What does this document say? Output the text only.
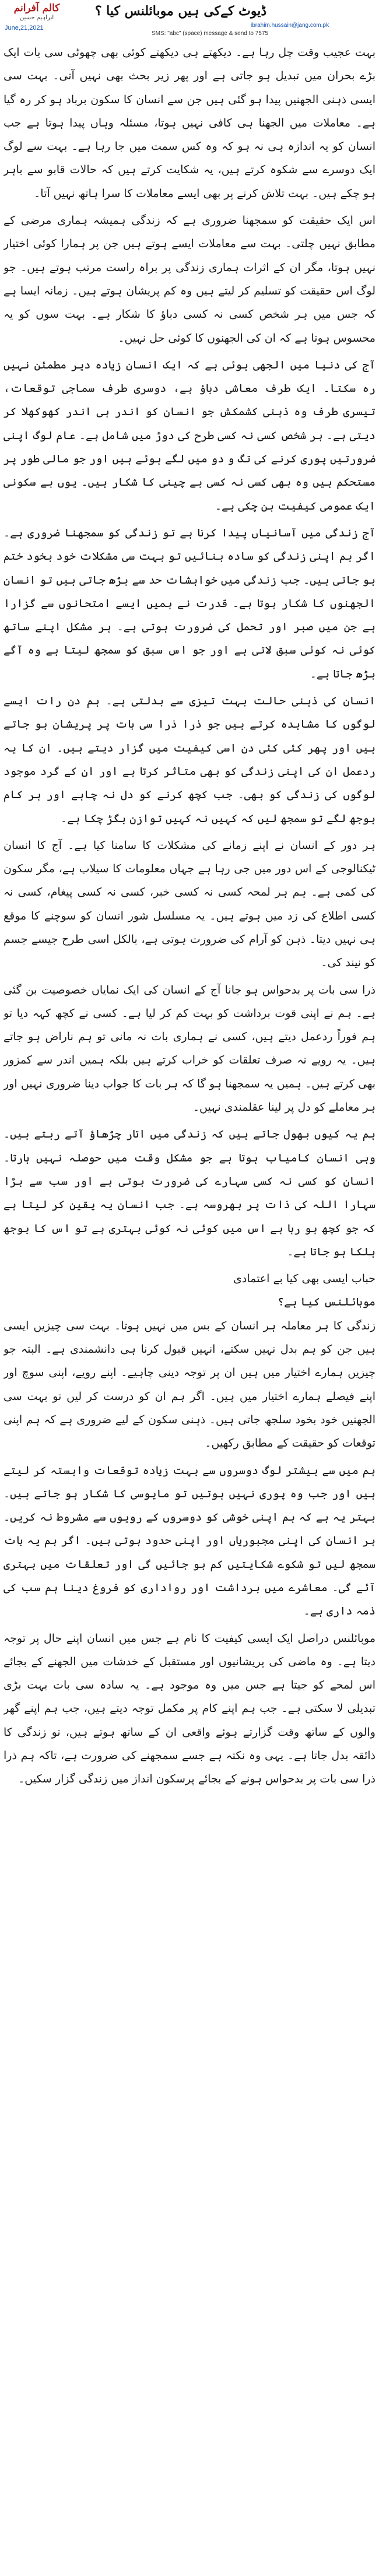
کالم آفرانم
ابراہیم حسین	ڈیوٹ کےکی ہیں موبائلنس کیا ؟
June,21,2021	ibrahim.hussain@jang.com.pk
SMS: "abc" (space) message & send to 7575

بہت عجیب وقت چل رہا ہے۔ دیکھتے ہی دیکھتے کوئی بھی چھوٹی سی بات ایک بڑے بحران میں تبدیل ہو جاتی ہے اور پھر زیر بحث بھی نہیں آتی۔ بہت سی ایسی ذہنی الجھنیں پیدا ہو گئی ہیں جن سے انسان کا سکون برباد ہو کر رہ گیا ہے۔ معاملات میں الجھنا ہی کافی نہیں ہوتا، مسئلہ وہاں پیدا ہوتا ہے جب انسان کو یہ اندازہ ہی نہ ہو کہ وہ کس سمت میں جا رہا ہے۔ بہت سے لوگ ایک دوسرے سے شکوہ کرتے ہیں، یہ شکایت کرتے ہیں کہ حالات قابو سے باہر ہو چکے ہیں۔ بہت تلاش کرنے پر بھی ایسے معاملات کا سرا ہاتھ نہیں آتا۔

اس ایک حقیقت کو سمجھنا ضروری ہے کہ زندگی ہمیشہ ہماری مرضی کے مطابق نہیں چلتی۔ بہت سے معاملات ایسے ہوتے ہیں جن پر ہمارا کوئی اختیار نہیں ہوتا، مگر ان کے اثرات ہماری زندگی پر براہ راست مرتب ہوتے ہیں۔ جو لوگ اس حقیقت کو تسلیم کر لیتے ہیں وہ کم پریشان ہوتے ہیں۔ زمانہ ایسا ہے کہ جس میں ہر شخص کسی نہ کسی دباؤ کا شکار ہے۔ بہت سوں کو یہ محسوس ہوتا ہے کہ ان کی الجھنوں کا کوئی حل نہیں۔

آج کی دنیا میں الجھی ہوئی ہے کہ ایک انسان زیادہ دیر مطمئن نہیں رہ سکتا۔ ایک طرف معاشی دباؤ ہے، دوسری طرف سماجی توقعات، تیسری طرف وہ ذہنی کشمکش جو انسان کو اندر ہی اندر کھوکھلا کر دیتی ہے۔ ہر شخص کسی نہ کسی طرح کی دوڑ میں شامل ہے۔ عام لوگ اپنی ضرورتیں پوری کرنے کی تگ و دو میں لگے ہوئے ہیں اور جو مالی طور پر مستحکم ہیں وہ بھی کسی نہ کسی بے چینی کا شکار ہیں۔ یوں بے سکونی ایک عمومی کیفیت بن چکی ہے۔

آج زندگی میں آسانیاں پیدا کرنا ہے تو زندگی کو سمجھنا ضروری ہے۔ اگر ہم اپنی زندگی کو سادہ بنائیں تو بہت سی مشکلات خود بخود ختم ہو جاتی ہیں۔ جب زندگی میں خواہشات حد سے بڑھ جاتی ہیں تو انسان الجھنوں کا شکار ہوتا ہے۔ قدرت نے ہمیں ایسے امتحانوں سے گزارا ہے جن میں صبر اور تحمل کی ضرورت ہوتی ہے۔ ہر مشکل اپنے ساتھ کوئی نہ کوئی سبق لاتی ہے اور جو اس سبق کو سمجھ لیتا ہے وہ آگے بڑھ جاتا ہے۔

انسان کی ذہنی حالت بہت تیزی سے بدلتی ہے۔ ہم دن رات ایسے لوگوں کا مشاہدہ کرتے ہیں جو ذرا ذرا سی بات پر پریشان ہو جاتے ہیں اور پھر کئی کئی دن اسی کیفیت میں گزار دیتے ہیں۔ ان کا یہ ردعمل ان کی اپنی زندگی کو بھی متاثر کرتا ہے اور ان کے گرد موجود لوگوں کی زندگی کو بھی۔ جب کچھ کرنے کو دل نہ چاہے اور ہر کام بوجھ لگے تو سمجھ لیں کہ کہیں نہ کہیں توازن بگڑ چکا ہے۔

ہر دور کے انسان نے اپنے زمانے کی مشکلات کا سامنا کیا ہے۔ آج کا انسان ٹیکنالوجی کے اس دور میں جی رہا ہے جہاں معلومات کا سیلاب ہے، مگر سکون کی کمی ہے۔ ہم ہر لمحہ کسی نہ کسی خبر، کسی نہ کسی پیغام، کسی نہ کسی اطلاع کی زد میں ہوتے ہیں۔ یہ مسلسل شور انسان کو سوچنے کا موقع ہی نہیں دیتا۔ ذہن کو آرام کی ضرورت ہوتی ہے، بالکل اسی طرح جیسے جسم کو نیند کی۔

ذرا سی بات پر بدحواس ہو جانا آج کے انسان کی ایک نمایاں خصوصیت بن گئی ہے۔ ہم نے اپنی قوت برداشت کو بہت کم کر لیا ہے۔ کسی نے کچھ کہہ دیا تو ہم فوراً ردعمل دیتے ہیں، کسی نے ہماری بات نہ مانی تو ہم ناراض ہو جاتے ہیں۔ یہ رویے نہ صرف تعلقات کو خراب کرتے ہیں بلکہ ہمیں اندر سے کمزور بھی کرتے ہیں۔ ہمیں یہ سمجھنا ہو گا کہ ہر بات کا جواب دینا ضروری نہیں اور ہر معاملے کو دل پر لینا عقلمندی نہیں۔

ہم یہ کیوں بھول جاتے ہیں کہ زندگی میں اتار چڑھاؤ آتے رہتے ہیں۔ وہی انسان کامیاب ہوتا ہے جو مشکل وقت میں حوصلہ نہیں ہارتا۔ انسان کو کسی نہ کسی سہارے کی ضرورت ہوتی ہے اور سب سے بڑا سہارا اللہ کی ذات پر بھروسہ ہے۔ جب انسان یہ یقین کر لیتا ہے کہ جو کچھ ہو رہا ہے اس میں کوئی نہ کوئی بہتری ہے تو اس کا بوجھ ہلکا ہو جاتا ہے۔

حباب ایسی بھی کیا بے اعتمادی

موبائلنس کیا ہے؟

زندگی کا ہر معاملہ ہر انسان کے بس میں نہیں ہوتا۔ بہت سی چیزیں ایسی ہیں جن کو ہم بدل نہیں سکتے، انہیں قبول کرنا ہی دانشمندی ہے۔ البتہ جو چیزیں ہمارے اختیار میں ہیں ان پر توجہ دینی چاہیے۔ اپنے رویے، اپنی سوچ اور اپنے فیصلے ہمارے اختیار میں ہیں۔ اگر ہم ان کو درست کر لیں تو بہت سی الجھنیں خود بخود سلجھ جاتی ہیں۔ ذہنی سکون کے لیے ضروری ہے کہ ہم اپنی توقعات کو حقیقت کے مطابق رکھیں۔

ہم میں سے بیشتر لوگ دوسروں سے بہت زیادہ توقعات وابستہ کر لیتے ہیں اور جب وہ پوری نہیں ہوتیں تو مایوسی کا شکار ہو جاتے ہیں۔ بہتر یہ ہے کہ ہم اپنی خوشی کو دوسروں کے رویوں سے مشروط نہ کریں۔ ہر انسان کی اپنی مجبوریاں اور اپنی حدود ہوتی ہیں۔ اگر ہم یہ بات سمجھ لیں تو شکوے شکایتیں کم ہو جائیں گی اور تعلقات میں بہتری آئے گی۔ معاشرے میں برداشت اور رواداری کو فروغ دینا ہم سب کی ذمہ داری ہے۔

موبائلنس دراصل ایک ایسی کیفیت کا نام ہے جس میں انسان اپنے حال پر توجہ دیتا ہے۔ وہ ماضی کی پریشانیوں اور مستقبل کے خدشات میں الجھنے کے بجائے اس لمحے کو جیتا ہے جس میں وہ موجود ہے۔ یہ سادہ سی بات بہت بڑی تبدیلی لا سکتی ہے۔ جب ہم اپنے کام پر مکمل توجہ دیتے ہیں، جب ہم اپنے گھر والوں کے ساتھ وقت گزارتے ہوئے واقعی ان کے ساتھ ہوتے ہیں، تو زندگی کا ذائقہ بدل جاتا ہے۔ یہی وہ نکتہ ہے جسے سمجھنے کی ضرورت ہے، تاکہ ہم ذرا ذرا سی بات پر بدحواس ہونے کے بجائے پرسکون انداز میں زندگی گزار سکیں۔
